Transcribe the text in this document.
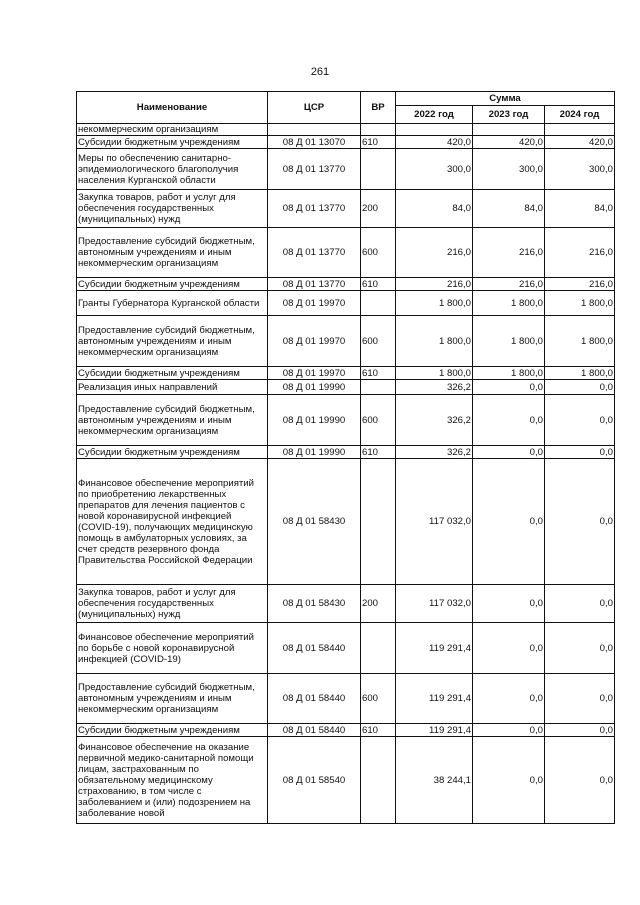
261
Наименование	ЦСР	ВР	Сумма		
			2022 год	2023 год	2024 год
некоммерческим организациям					
Субсидии бюджетным учреждениям	08 Д 01 13070	610	420,0	420,0	420,0
Меры по обеспечению санитарно-эпидемиологического благополучия населения Курганской области	08 Д 01 13770		300,0	300,0	300,0
Закупка товаров, работ и услуг для обеспечения государственных (муниципальных) нужд	08 Д 01 13770	200	84,0	84,0	84,0
Предоставление субсидий бюджетным, автономным учреждениям и иным некоммерческим организациям	08 Д 01 13770	600	216,0	216,0	216,0
Субсидии бюджетным учреждениям	08 Д 01 13770	610	216,0	216,0	216,0
Гранты Губернатора Курганской области	08 Д 01 19970		1 800,0	1 800,0	1 800,0
Предоставление субсидий бюджетным, автономным учреждениям и иным некоммерческим организациям	08 Д 01 19970	600	1 800,0	1 800,0	1 800,0
Субсидии бюджетным учреждениям	08 Д 01 19970	610	1 800,0	1 800,0	1 800,0
Реализация иных направлений	08 Д 01 19990		326,2	0,0	0,0
Предоставление субсидий бюджетным, автономным учреждениям и иным некоммерческим организациям	08 Д 01 19990	600	326,2	0,0	0,0
Субсидии бюджетным учреждениям	08 Д 01 19990	610	326,2	0,0	0,0
Финансовое обеспечение мероприятий по приобретению лекарственных препаратов для лечения пациентов с новой коронавирусной инфекцией (COVID-19), получающих медицинскую помощь в амбулаторных условиях, за счет средств резервного фонда Правительства Российской Федерации	08 Д 01 58430		117 032,0	0,0	0,0
Закупка товаров, работ и услуг для обеспечения государственных (муниципальных) нужд	08 Д 01 58430	200	117 032,0	0,0	0,0
Финансовое обеспечение мероприятий по борьбе с новой коронавирусной инфекцией (COVID-19)	08 Д 01 58440		119 291,4	0,0	0,0
Предоставление субсидий бюджетным, автономным учреждениям и иным некоммерческим организациям	08 Д 01 58440	600	119 291,4	0,0	0,0
Субсидии бюджетным учреждениям	08 Д 01 58440	610	119 291,4	0,0	0,0
Финансовое обеспечение на оказание первичной медико-санитарной помощи лицам, застрахованным по обязательному медицинскому страхованию, в том числе с заболеванием и (или) подозрением на заболевание новой	08 Д 01 58540		38 244,1	0,0	0,0
